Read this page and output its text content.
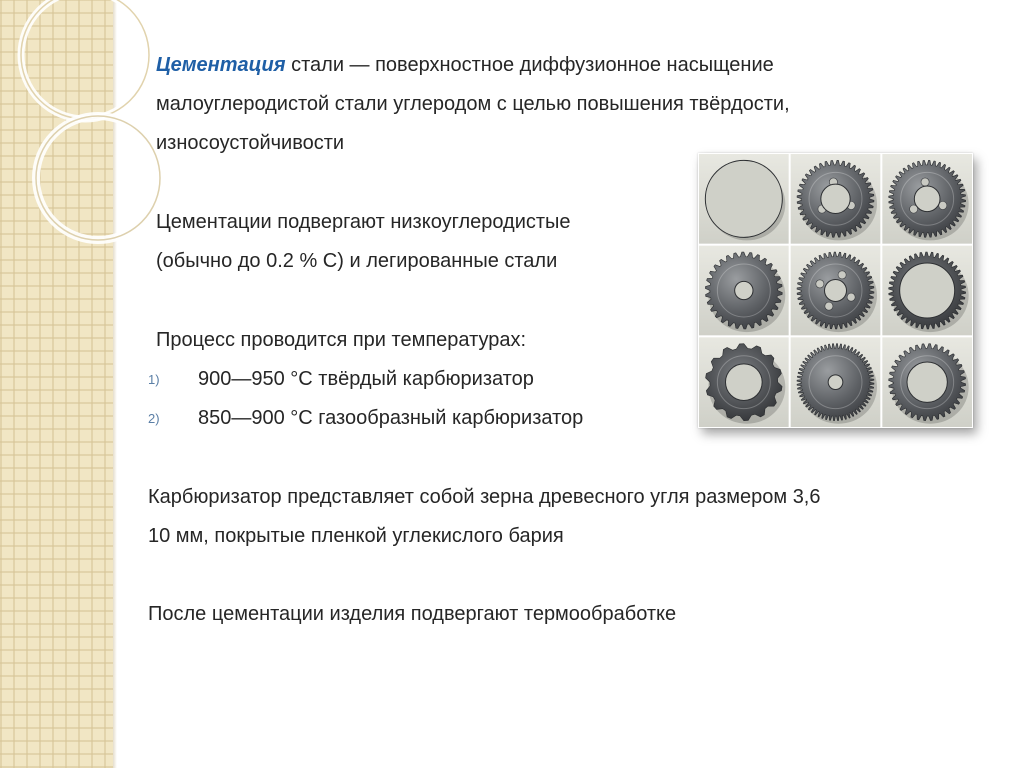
Цементация стали — поверхностное диффузионное насыщение
малоуглеродистой стали углеродом с целью повышения твёрдости,
износоустойчивости
Цементации подвергают низкоуглеродистые
(обычно до 0.2 % С) и легированные стали
Процесс проводится при температурах:
1) 900—950 °С твёрдый карбюризатор
2) 850—900 °С газообразный карбюризатор
Карбюризатор представляет собой зерна древесного угля размером 3,6
10 мм, покрытые пленкой углекислого бария
После цементации изделия подвергают термообработке
